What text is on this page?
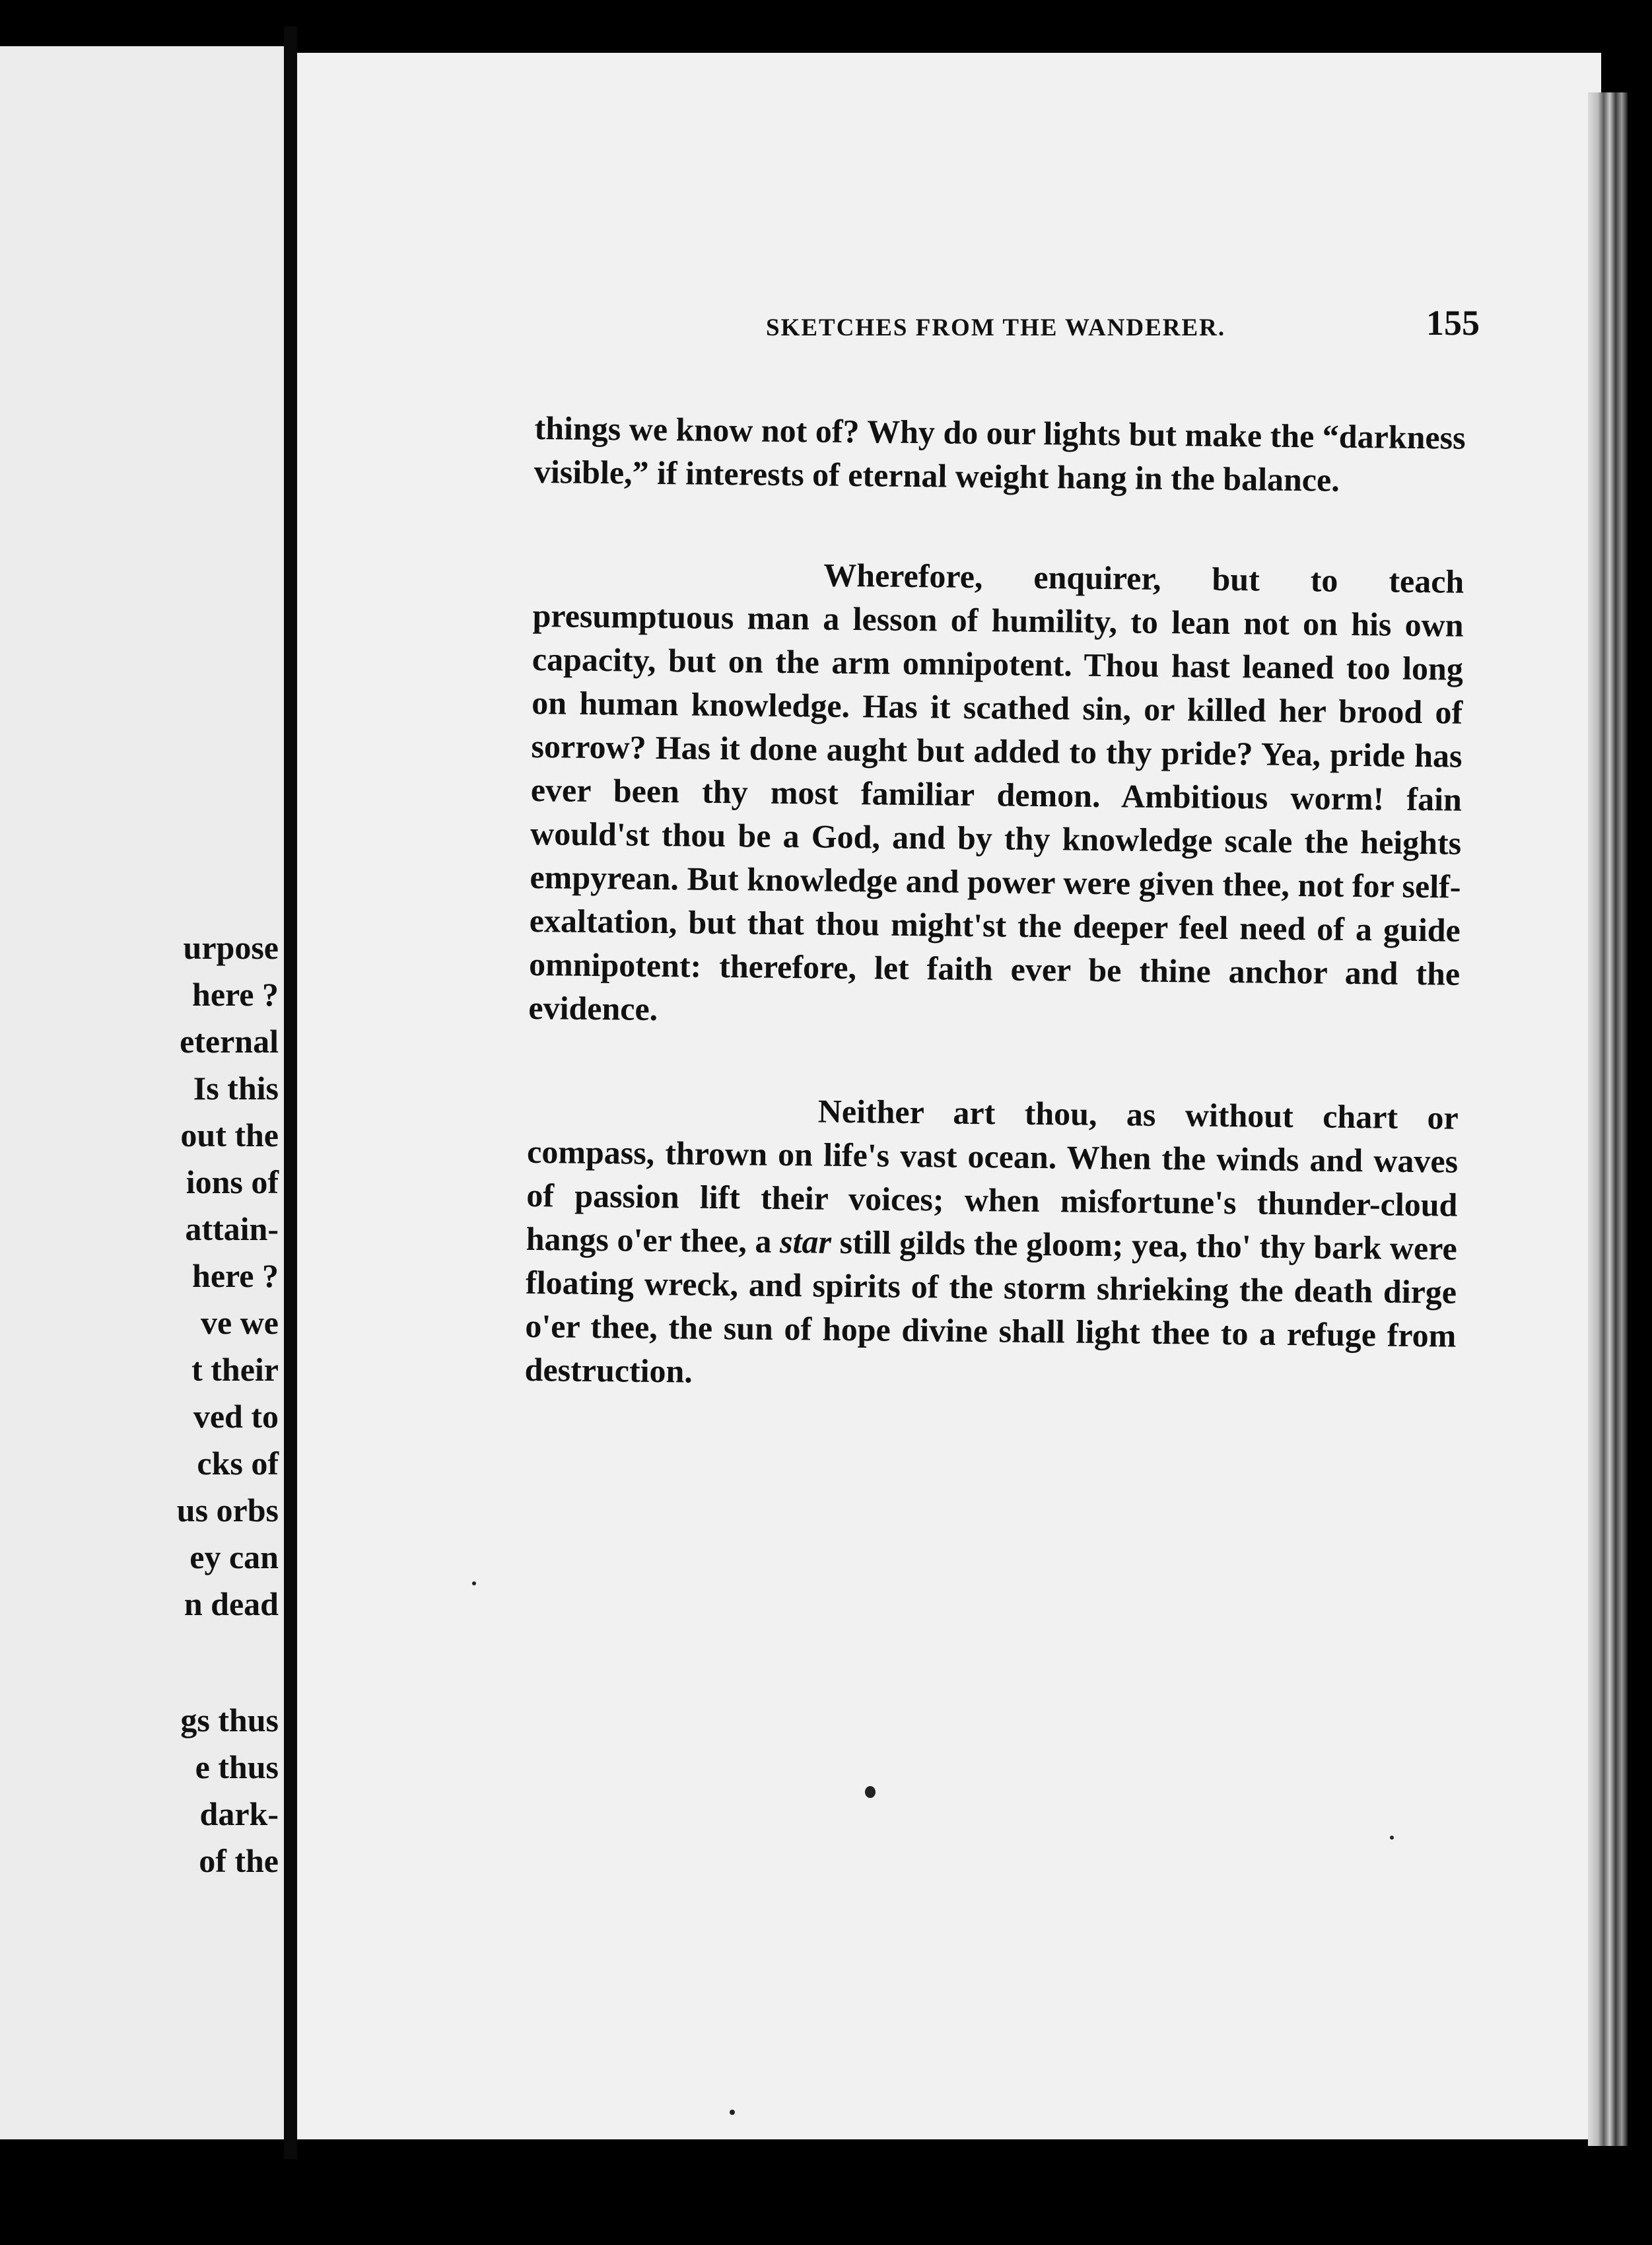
urpose
here ?
eternal
Is this
out the
ions of
attain-
here ?
ve we
t their
ved to
cks of
us orbs
ey can
n dead
gs thus
e thus
dark-
of the
SKETCHES FROM THE WANDERER.	155

things we know not of? Why do our lights but make the “darkness visible,” if interests of eternal weight hang in the balance.

Wherefore, enquirer, but to teach presumptuous man a lesson of humility, to lean not on his own capacity, but on the arm omnipotent. Thou hast leaned too long on human knowledge. Has it scathed sin, or killed her brood of sorrow? Has it done aught but added to thy pride? Yea, pride has ever been thy most familiar demon. Ambitious worm! fain would'st thou be a God, and by thy knowledge scale the heights empyrean. But knowledge and power were given thee, not for self-exaltation, but that thou might'st the deeper feel need of a guide omnipotent: therefore, let faith ever be thine anchor and the evidence.

Neither art thou, as without chart or compass, thrown on life's vast ocean. When the winds and waves of passion lift their voices; when misfortune's thunder-cloud hangs o'er thee, a star still gilds the gloom; yea, tho' thy bark were floating wreck, and spirits of the storm shrieking the death dirge o'er thee, the sun of hope divine shall light thee to a refuge from destruction.
